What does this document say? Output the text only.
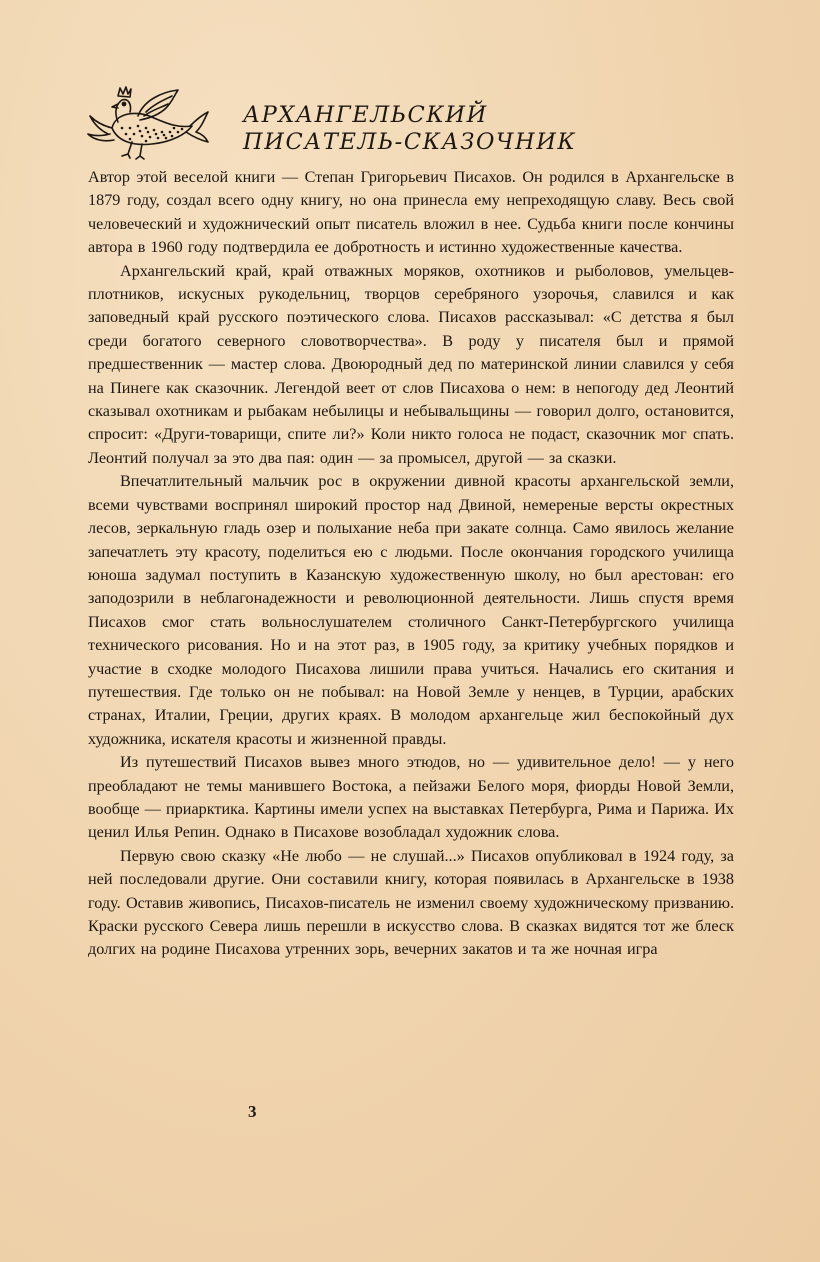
АРХАНГЕЛЬСКИЙ
ПИСАТЕЛЬ-СКАЗОЧНИК

Автор этой веселой книги — Степан Григорьевич Писахов. Он родился в Архангельске в 1879 году, создал всего одну книгу, но она принесла ему непреходящую славу. Весь свой человеческий и художнический опыт писатель вложил в нее. Судьба книги после кончины автора в 1960 году подтвердила ее добротность и истинно художественные качества.

Архангельский край, край отважных моряков, охотников и рыболовов, умельцев-плотников, искусных рукодельниц, творцов серебряного узорочья, славился и как заповедный край русского поэтического слова. Писахов рассказывал: «С детства я был среди богатого северного словотворчества». В роду у писателя был и прямой предшественник — мастер слова. Двоюродный дед по материнской линии славился у себя на Пинеге как сказочник. Легендой веет от слов Писахова о нем: в непогоду дед Леонтий сказывал охотникам и рыбакам небылицы и небывальщины — говорил долго, остановится, спросит: «Други-товарищи, спите ли?» Коли никто голоса не подаст, сказочник мог спать. Леонтий получал за это два пая: один — за промысел, другой — за сказки.

Впечатлительный мальчик рос в окружении дивной красоты архангельской земли, всеми чувствами воспринял широкий простор над Двиной, немереные версты окрестных лесов, зеркальную гладь озер и полыхание неба при закате солнца. Само явилось желание запечатлеть эту красоту, поделиться ею с людьми. После окончания городского училища юноша задумал поступить в Казанскую художественную школу, но был арестован: его заподозрили в неблагонадежности и революционной деятельности. Лишь спустя время Писахов смог стать вольнослушателем столичного Санкт-Петербургского училища технического рисования. Но и на этот раз, в 1905 году, за критику учебных порядков и участие в сходке молодого Писахова лишили права учиться. Начались его скитания и путешествия. Где только он не побывал: на Новой Земле у ненцев, в Турции, арабских странах, Италии, Греции, других краях. В молодом архангельце жил беспокойный дух художника, искателя красоты и жизненной правды.

Из путешествий Писахов вывез много этюдов, но — удивительное дело! — у него преобладают не темы манившего Востока, а пейзажи Белого моря, фиорды Новой Земли, вообще — приарктика. Картины имели успех на выставках Петербурга, Рима и Парижа. Их ценил Илья Репин. Однако в Писахове возобладал художник слова.

Первую свою сказку «Не любо — не слушай...» Писахов опубликовал в 1924 году, за ней последовали другие. Они составили книгу, которая появилась в Архангельске в 1938 году. Оставив живопись, Писахов-писатель не изменил своему художническому призванию. Краски русского Севера лишь перешли в искусство слова. В сказках видятся тот же блеск долгих на родине Писахова утренних зорь, вечерних закатов и та же ночная игра

3
